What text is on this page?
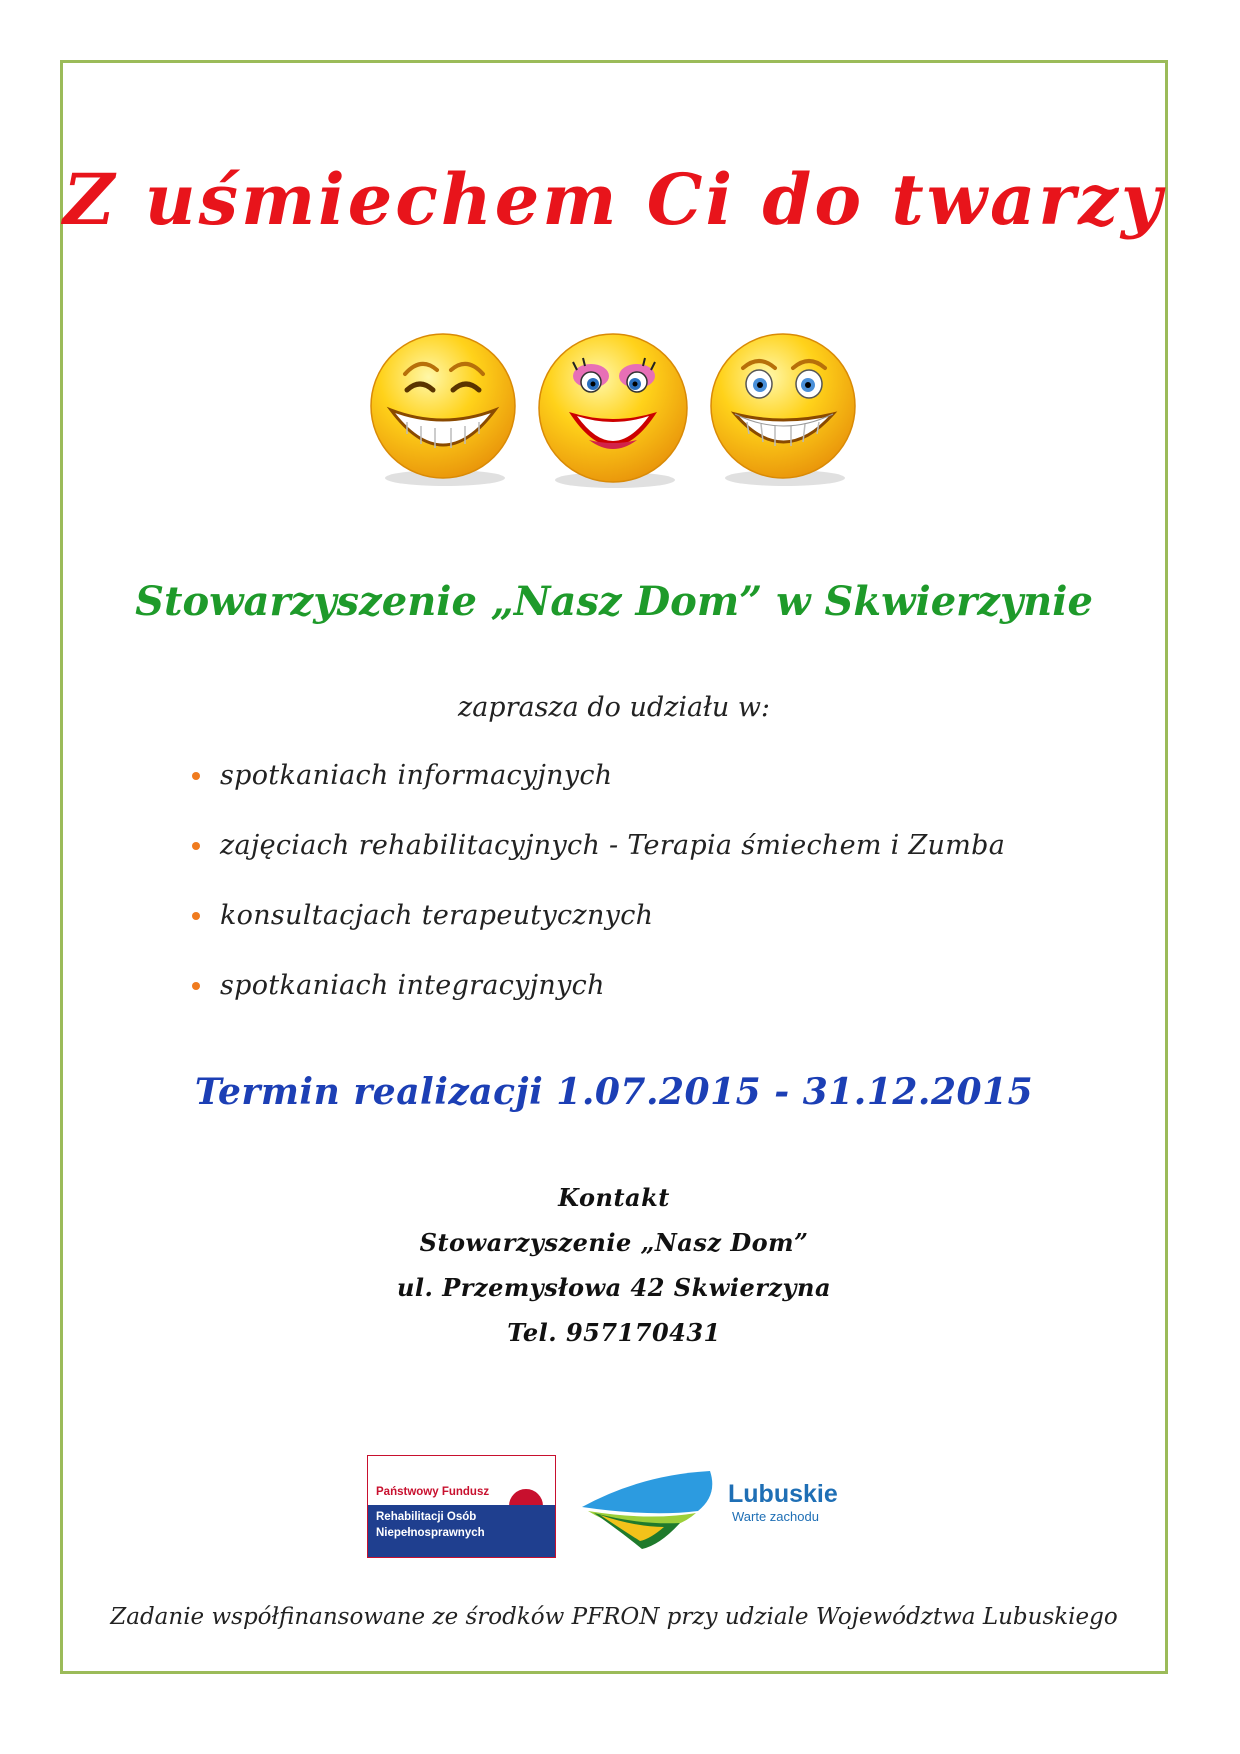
Z uśmiechem Ci do twarzy
Stowarzyszenie „Nasz Dom” w Skwierzynie

zaprasza do udziału w:

spotkaniach informacyjnych
zajęciach rehabilitacyjnych - Terapia śmiechem i Zumba
konsultacjach terapeutycznych
spotkaniach integracyjnych

Termin realizacji 1.07.2015 - 31.12.2015

Kontakt
Stowarzyszenie „Nasz Dom”
ul. Przemysłowa 42 Skwierzyna
Tel. 957170431
Państwowy Fundusz
Rehabilitacji Osób
Niepełnosprawnych

Lubuskie

Warte zachodu

Zadanie współfinansowane ze środków PFRON przy udziale Województwa Lubuskiego
